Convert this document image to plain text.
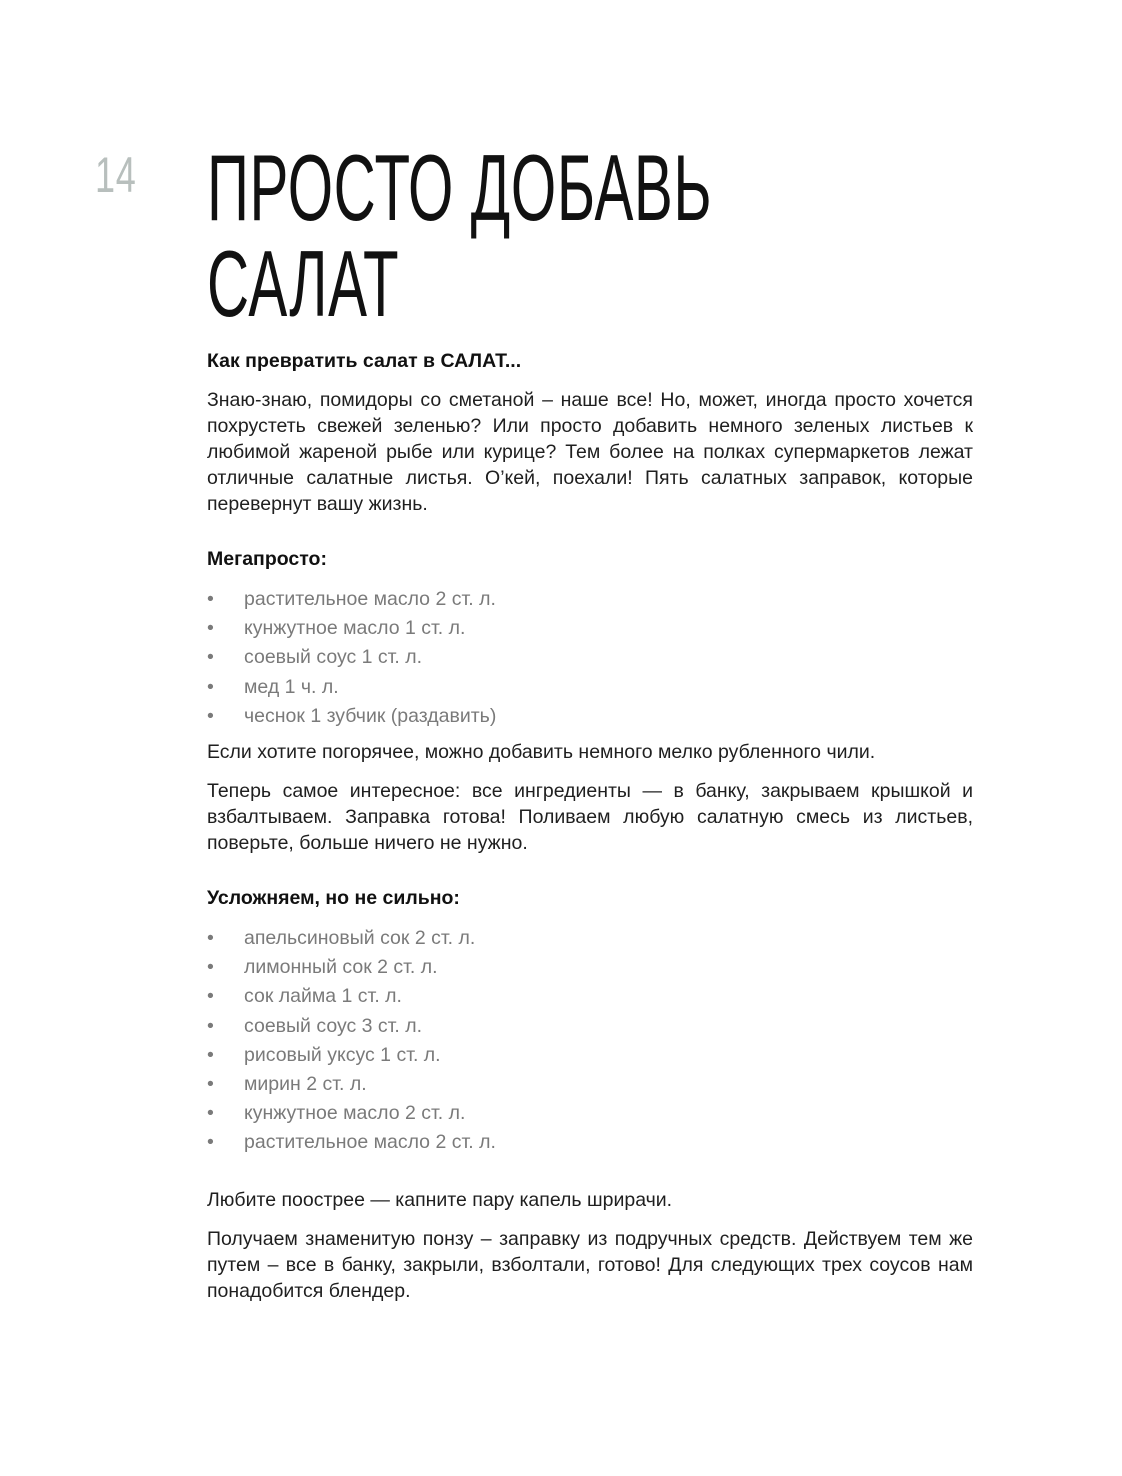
14 ПРОСТО ДОБАВЬ
САЛАТ

Как превратить салат в САЛАТ...

Знаю-знаю, помидоры со сметаной – наше все! Но, может, иногда просто хочется похрустеть свежей зеленью? Или просто добавить немного зеленых листьев к любимой жареной рыбе или курице? Тем более на полках супермаркетов лежат отличные салатные листья. О’кей, поехали! Пять салатных заправок, которые перевернут вашу жизнь.

Мегапросто:

• растительное масло 2 ст. л.
• кунжутное масло 1 ст. л.
• соевый соус 1 ст. л.
• мед 1 ч. л.
• чеснок 1 зубчик (раздавить)

Если хотите погорячее, можно добавить немного мелко рубленного чили.

Теперь самое интересное: все ингредиенты — в банку, закрываем крышкой и взбалтываем. Заправка готова! Поливаем любую салатную смесь из листьев, поверьте, больше ничего не нужно.

Усложняем, но не сильно:

• апельсиновый сок 2 ст. л.
• лимонный сок 2 ст. л.
• сок лайма 1 ст. л.
• соевый соус 3 ст. л.
• рисовый уксус 1 ст. л.
• мирин 2 ст. л.
• кунжутное масло 2 ст. л.
• растительное масло 2 ст. л.

Любите поострее — капните пару капель шрирачи.

Получаем знаменитую понзу – заправку из подручных средств. Действуем тем же путем – все в банку, закрыли, взболтали, готово! Для следующих трех соусов нам понадобится блендер.
